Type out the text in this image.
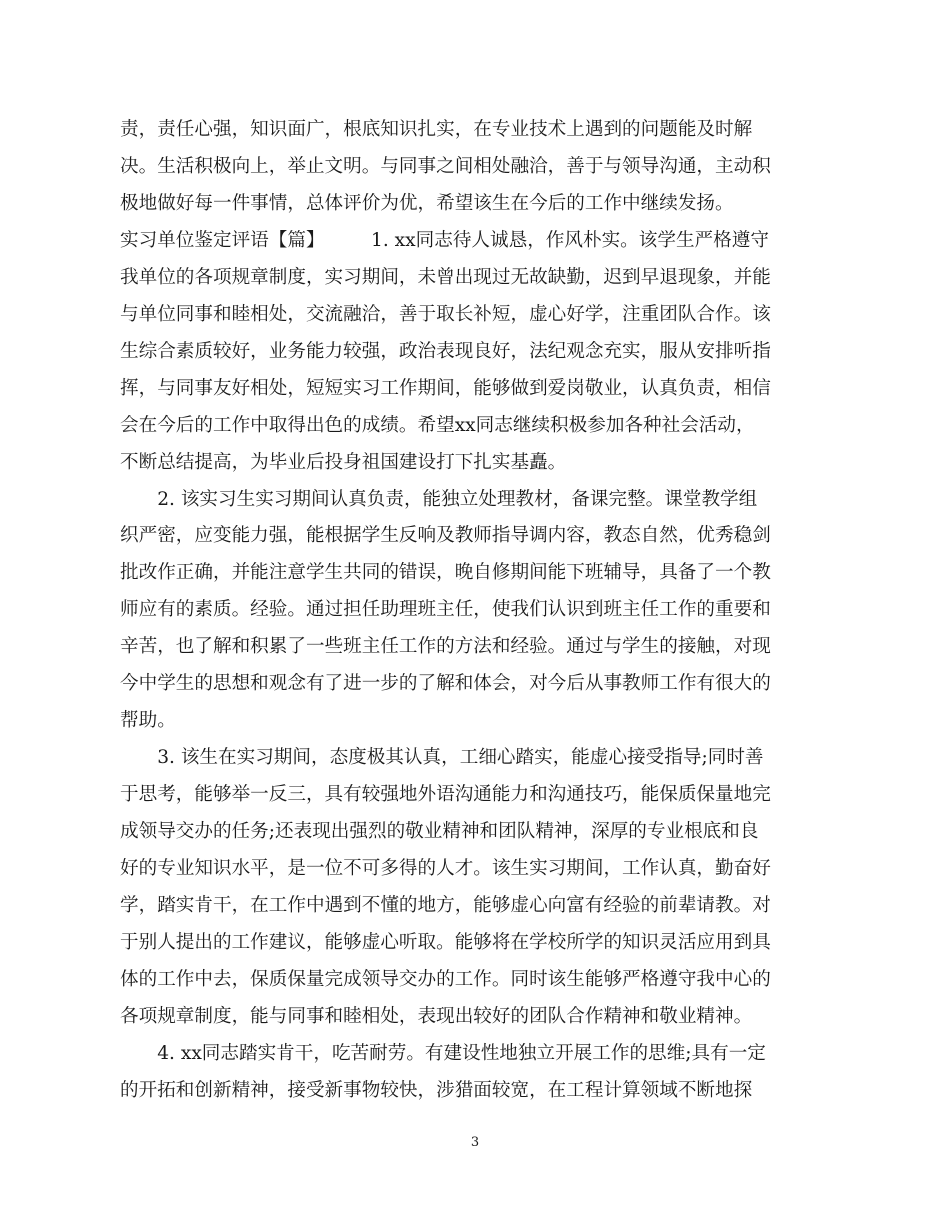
责，责任心强，知识面广，根底知识扎实，在专业技术上遇到的问题能及时解
决。生活积极向上，举止文明。与同事之间相处融洽，善于与领导沟通，主动积
极地做好每一件事情，总体评价为优，希望该生在今后的工作中继续发扬。
实习单位鉴定评语【篇】　　　1. xx同志待人诚恳，作风朴实。该学生严格遵守
我单位的各项规章制度，实习期间，未曾出现过无故缺勤，迟到早退现象，并能
与单位同事和睦相处，交流融洽，善于取长补短，虚心好学，注重团队合作。该
生综合素质较好，业务能力较强，政治表现良好，法纪观念充实，服从安排听指
挥，与同事友好相处，短短实习工作期间，能够做到爱岗敬业，认真负责，相信
会在今后的工作中取得出色的成绩。希望xx同志继续积极参加各种社会活动，
不断总结提高，为毕业后投身祖国建设打下扎实基矗。
　　2. 该实习生实习期间认真负责，能独立处理教材，备课完整。课堂教学组
织严密，应变能力强，能根据学生反响及教师指导调内容，教态自然，优秀稳剑
批改作正确，并能注意学生共同的错误，晚自修期间能下班辅导，具备了一个教
师应有的素质。经验。通过担任助理班主任，使我们认识到班主任工作的重要和
辛苦，也了解和积累了一些班主任工作的方法和经验。通过与学生的接触，对现
今中学生的思想和观念有了进一步的了解和体会，对今后从事教师工作有很大的
帮助。
　　3. 该生在实习期间，态度极其认真，工细心踏实，能虚心接受指导;同时善
于思考，能够举一反三，具有较强地外语沟通能力和沟通技巧，能保质保量地完
成领导交办的任务;还表现出强烈的敬业精神和团队精神，深厚的专业根底和良
好的专业知识水平，是一位不可多得的人才。该生实习期间，工作认真，勤奋好
学，踏实肯干，在工作中遇到不懂的地方，能够虚心向富有经验的前辈请教。对
于别人提出的工作建议，能够虚心听取。能够将在学校所学的知识灵活应用到具
体的工作中去，保质保量完成领导交办的工作。同时该生能够严格遵守我中心的
各项规章制度，能与同事和睦相处，表现出较好的团队合作精神和敬业精神。
　　4. xx同志踏实肯干，吃苦耐劳。有建设性地独立开展工作的思维;具有一定
的开拓和创新精神，接受新事物较快，涉猎面较宽，在工程计算领域不断地探
3
